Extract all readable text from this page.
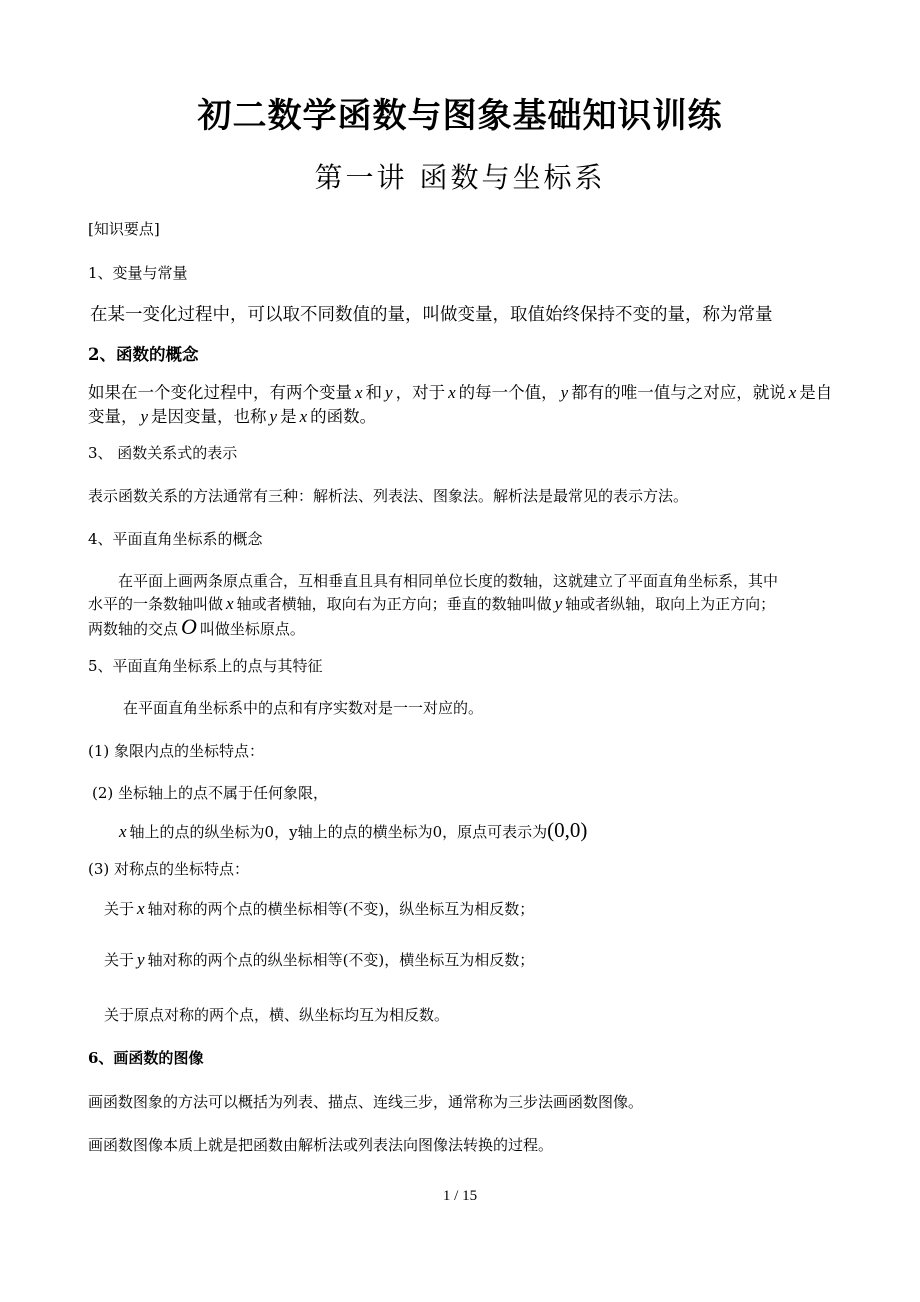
初二数学函数与图象基础知识训练
第一讲 函数与坐标系
[知识要点]
1、变量与常量
在某一变化过程中，可以取不同数值的量，叫做变量，取值始终保持不变的量，称为常量
2、函数的概念
如果在一个变化过程中，有两个变量 x 和 y ，对于 x 的每一个值， y 都有的唯一值与之对应，就说 x 是自
变量， y 是因变量，也称 y 是 x 的函数。
3、 函数关系式的表示
表示函数关系的方法通常有三种：解析法、列表法、图象法。解析法是最常见的表示方法。
4、平面直角坐标系的概念
在平面上画两条原点重合，互相垂直且具有相同单位长度的数轴，这就建立了平面直角坐标系，其中
水平的一条数轴叫做 x 轴或者横轴，取向右为正方向；垂直的数轴叫做 y 轴或者纵轴，取向上为正方向；
两数轴的交点 O 叫做坐标原点。
5、平面直角坐标系上的点与其特征
在平面直角坐标系中的点和有序实数对是一一对应的。
(1) 象限内点的坐标特点：
(2) 坐标轴上的点不属于任何象限，
x 轴上的点的纵坐标为0，y轴上的点的横坐标为0，原点可表示为(0,0)
(3) 对称点的坐标特点：
关于 x 轴对称的两个点的横坐标相等(不变)，纵坐标互为相反数；
关于 y 轴对称的两个点的纵坐标相等(不变)，横坐标互为相反数；
关于原点对称的两个点，横、纵坐标均互为相反数。
6、画函数的图像
画函数图象的方法可以概括为列表、描点、连线三步，通常称为三步法画函数图像。
画函数图像本质上就是把函数由解析法或列表法向图像法转换的过程。
1 / 15
